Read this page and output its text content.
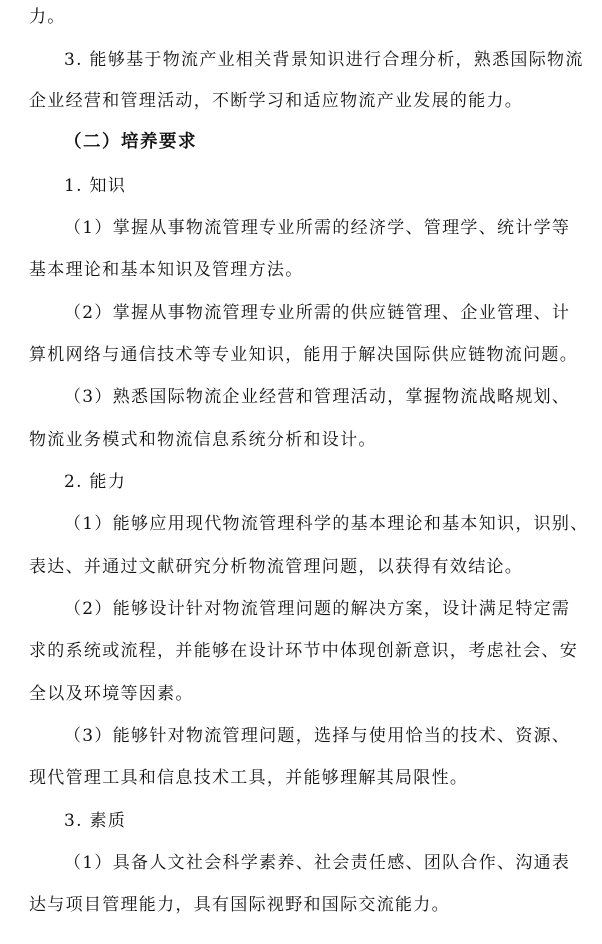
力。
3. 能够基于物流产业相关背景知识进行合理分析，熟悉国际物流
企业经营和管理活动，不断学习和适应物流产业发展的能力。
（二）培养要求
1. 知识
（1）掌握从事物流管理专业所需的经济学、管理学、统计学等
基本理论和基本知识及管理方法。
（2）掌握从事物流管理专业所需的供应链管理、企业管理、计
算机网络与通信技术等专业知识，能用于解决国际供应链物流问题。
（3）熟悉国际物流企业经营和管理活动，掌握物流战略规划、
物流业务模式和物流信息系统分析和设计。
2. 能力
（1）能够应用现代物流管理科学的基本理论和基本知识，识别、
表达、并通过文献研究分析物流管理问题，以获得有效结论。
（2）能够设计针对物流管理问题的解决方案，设计满足特定需
求的系统或流程，并能够在设计环节中体现创新意识，考虑社会、安
全以及环境等因素。
（3）能够针对物流管理问题，选择与使用恰当的技术、资源、
现代管理工具和信息技术工具，并能够理解其局限性。
3. 素质
（1）具备人文社会科学素养、社会责任感、团队合作、沟通表
达与项目管理能力，具有国际视野和国际交流能力。
